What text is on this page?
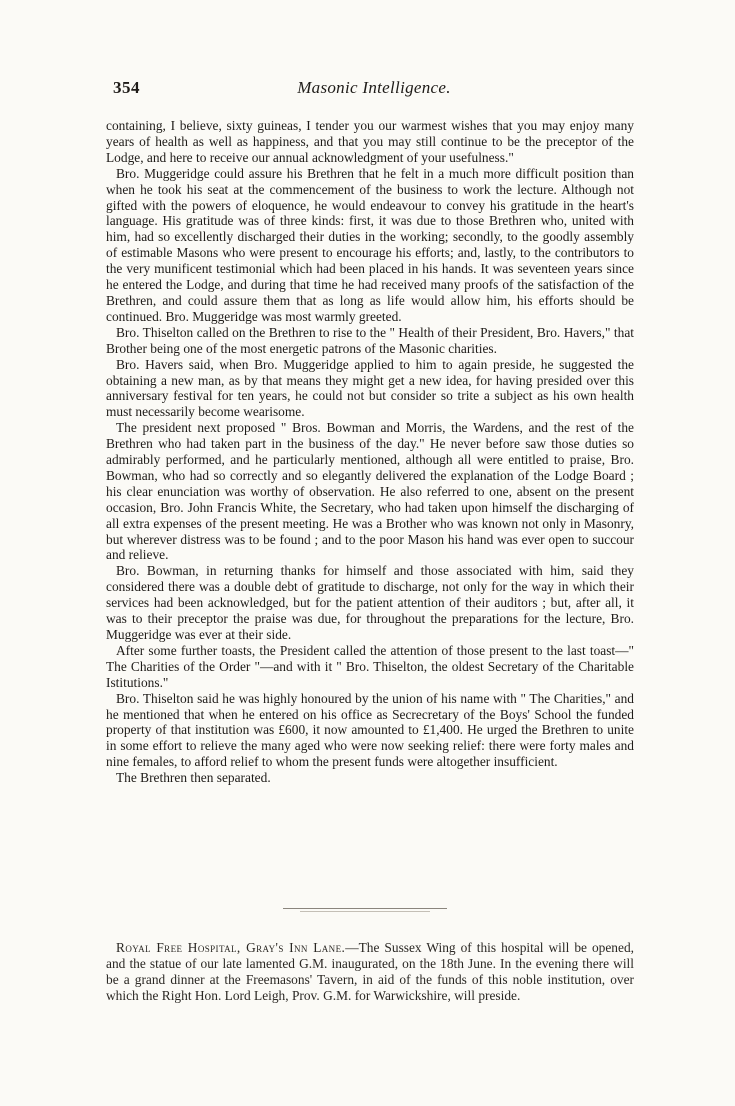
354	Masonic Intelligence.

containing, I believe, sixty guineas, I tender you our warmest wishes that you may enjoy many years of health as well as happiness, and that you may still continue to be the preceptor of the Lodge, and here to receive our annual acknowledgment of your usefulness."

Bro. Muggeridge could assure his Brethren that he felt in a much more difficult position than when he took his seat at the commencement of the business to work the lecture. Although not gifted with the powers of eloquence, he would endeavour to convey his gratitude in the heart's language. His gratitude was of three kinds: first, it was due to those Brethren who, united with him, had so excellently discharged their duties in the working; secondly, to the goodly assembly of estimable Masons who were present to encourage his efforts; and, lastly, to the contributors to the very munificent testimonial which had been placed in his hands. It was seventeen years since he entered the Lodge, and during that time he had received many proofs of the satisfaction of the Brethren, and could assure them that as long as life would allow him, his efforts should be continued. Bro. Muggeridge was most warmly greeted.

Bro. Thiselton called on the Brethren to rise to the " Health of their President, Bro. Havers," that Brother being one of the most energetic patrons of the Masonic charities.

Bro. Havers said, when Bro. Muggeridge applied to him to again preside, he suggested the obtaining a new man, as by that means they might get a new idea, for having presided over this anniversary festival for ten years, he could not but consider so trite a subject as his own health must necessarily become wearisome.

The president next proposed " Bros. Bowman and Morris, the Wardens, and the rest of the Brethren who had taken part in the business of the day." He never before saw those duties so admirably performed, and he particularly mentioned, although all were entitled to praise, Bro. Bowman, who had so correctly and so elegantly delivered the explanation of the Lodge Board ; his clear enunciation was worthy of observation. He also referred to one, absent on the present occasion, Bro. John Francis White, the Secretary, who had taken upon himself the discharging of all extra expenses of the present meeting. He was a Brother who was known not only in Masonry, but wherever distress was to be found ; and to the poor Mason his hand was ever open to succour and relieve.

Bro. Bowman, in returning thanks for himself and those associated with him, said they considered there was a double debt of gratitude to discharge, not only for the way in which their services had been acknowledged, but for the patient attention of their auditors ; but, after all, it was to their preceptor the praise was due, for throughout the preparations for the lecture, Bro. Muggeridge was ever at their side.

After some further toasts, the President called the attention of those present to the last toast—" The Charities of the Order "—and with it " Bro. Thiselton, the oldest Secretary of the Charitable Istitutions."

Bro. Thiselton said he was highly honoured by the union of his name with " The Charities," and he mentioned that when he entered on his office as Secrecretary of the Boys' School the funded property of that institution was £600, it now amounted to £1,400. He urged the Brethren to unite in some effort to relieve the many aged who were now seeking relief: there were forty males and nine females, to afford relief to whom the present funds were altogether insufficient.

The Brethren then separated.

Royal Free Hospital, Gray's Inn Lane.—The Sussex Wing of this hospital will be opened, and the statue of our late lamented G.M. inaugurated, on the 18th June. In the evening there will be a grand dinner at the Freemasons' Tavern, in aid of the funds of this noble institution, over which the Right Hon. Lord Leigh, Prov. G.M. for Warwickshire, will preside.
